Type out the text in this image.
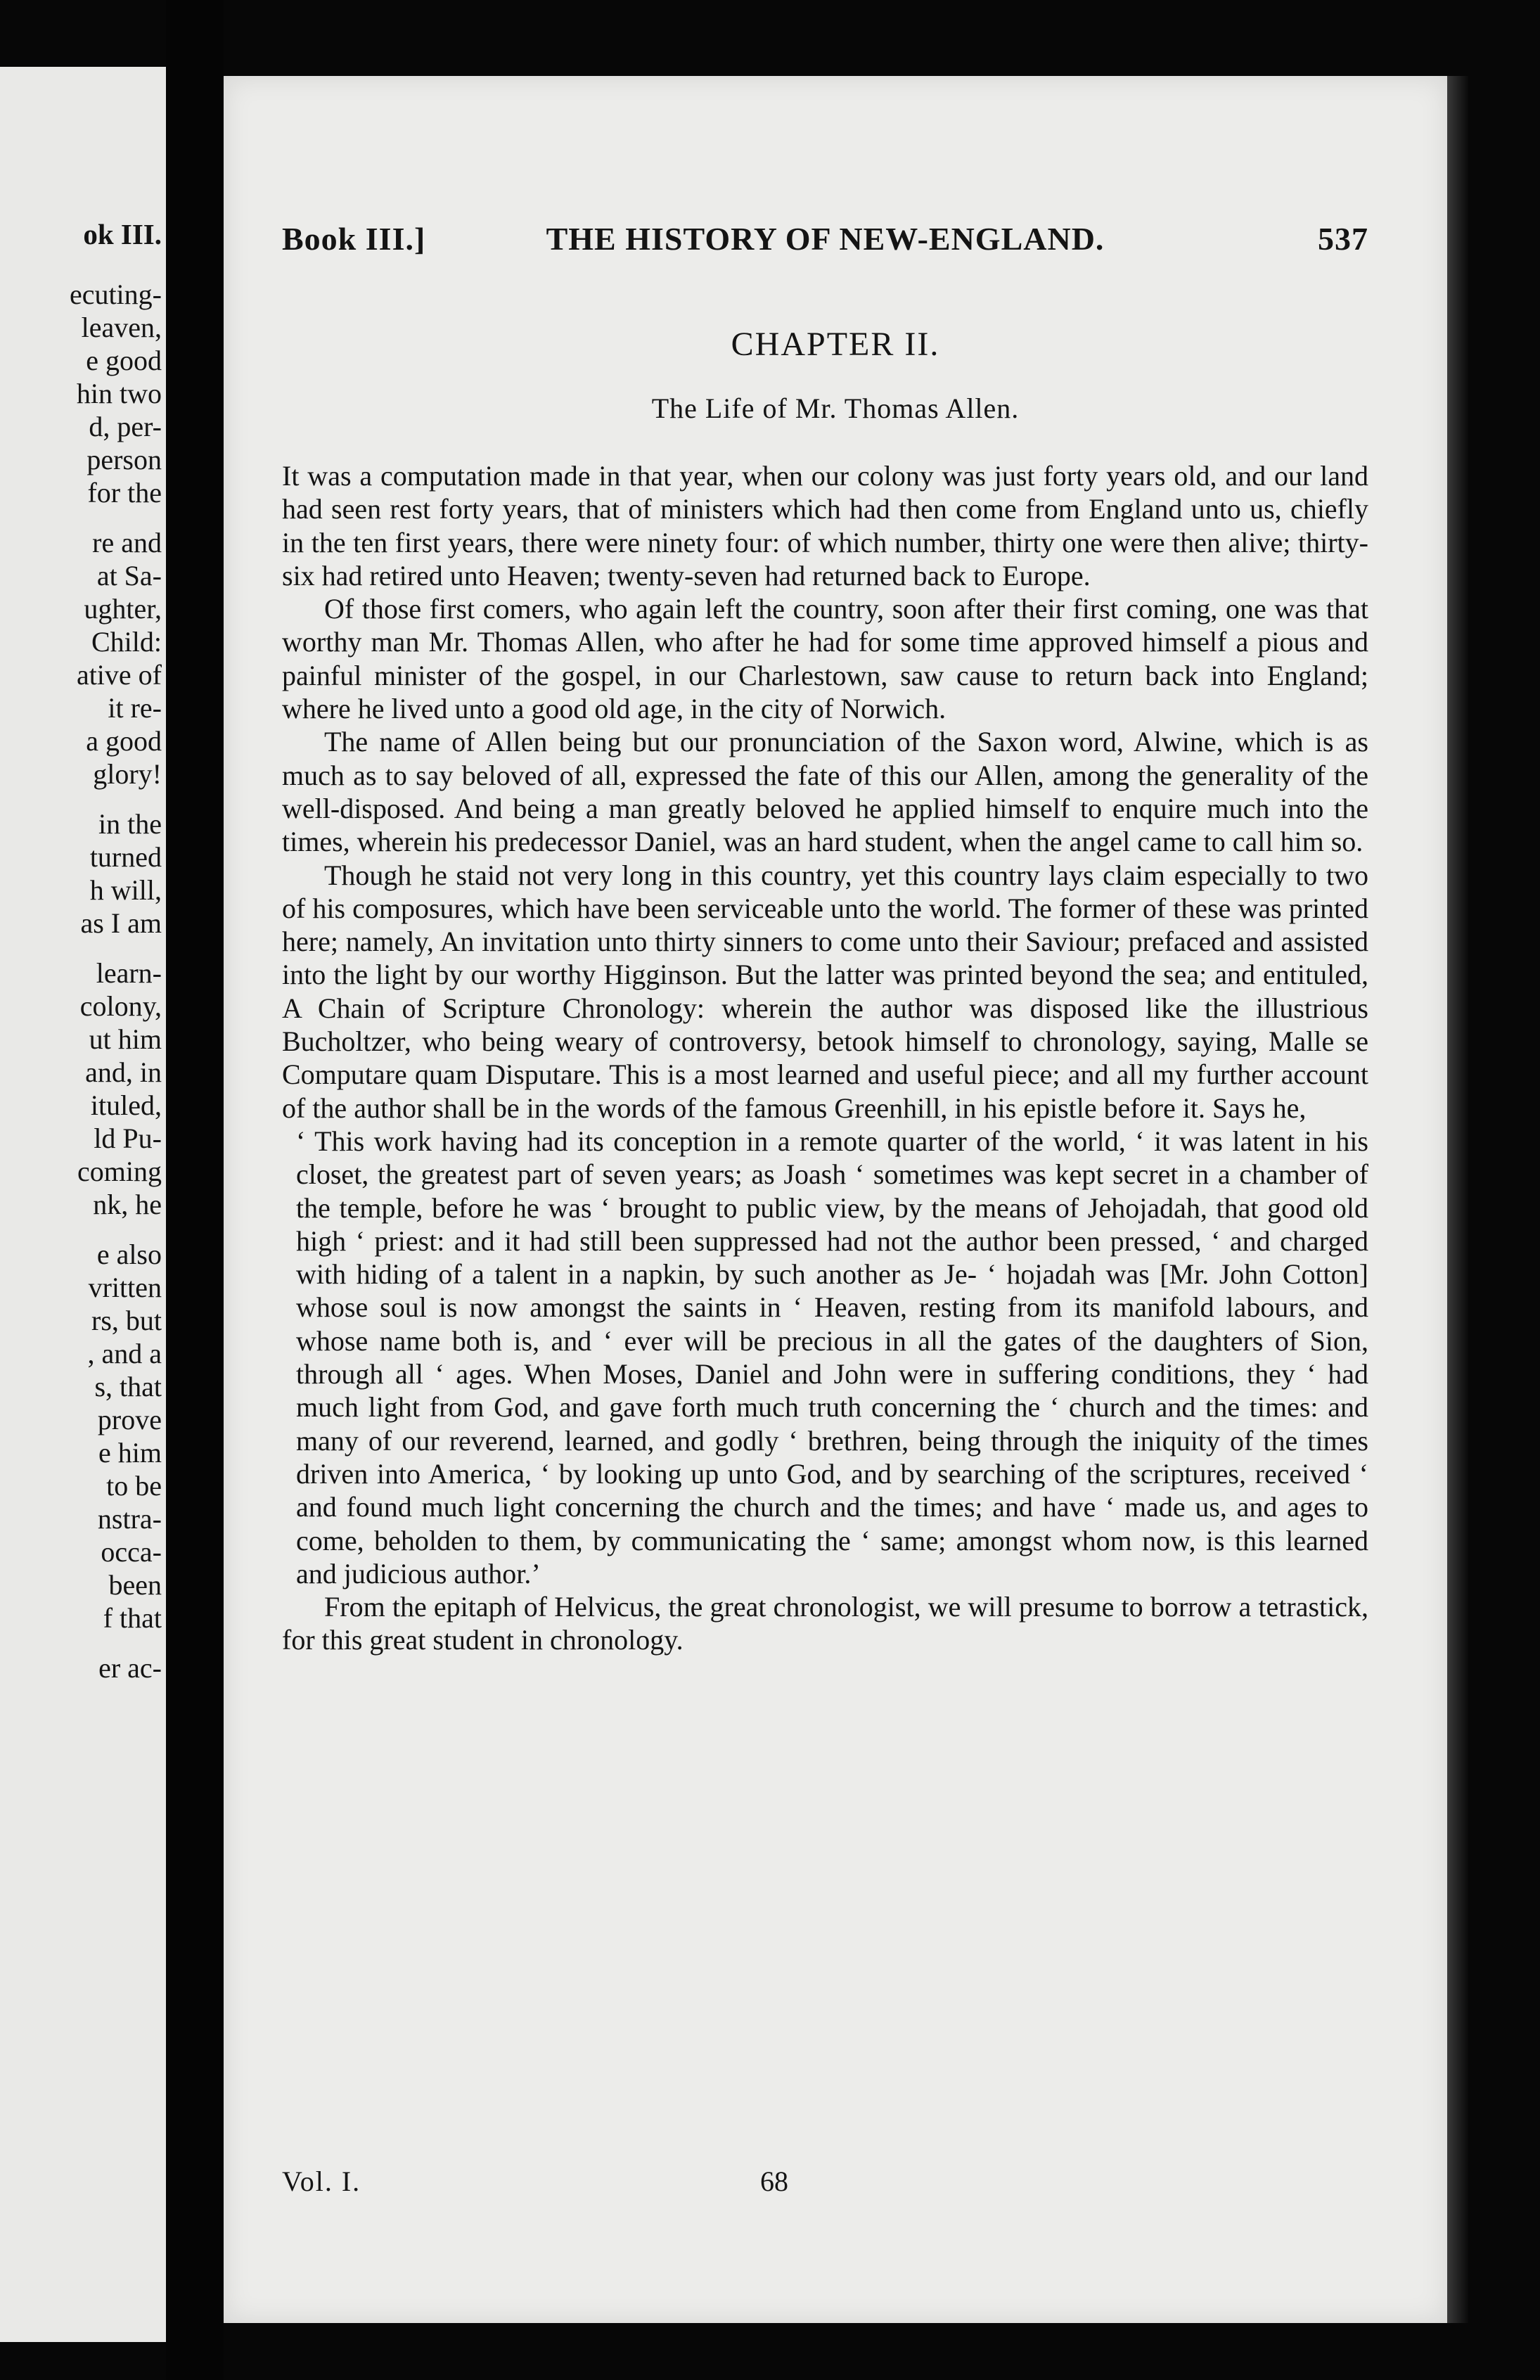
ok III.
ecuting-
leaven,
e good
hin two
d, per-
person
for the
re and
at Sa-
ughter,
Child:
ative of
it re-
a good
glory!
in the
turned
h will,
as I am
learn-
colony,
ut him
and, in
ituled,
ld Pu-
coming
nk, he
e also
vritten
rs, but
, and a
s, that
prove
e him
to be
nstra-
occa-
been
f that
er ac-
Book III.]	THE HISTORY OF NEW-ENGLAND.	537
CHAPTER II.
The Life of Mr. Thomas Allen.

It was a computation made in that year, when our colony was just forty years old, and our land had seen rest forty years, that of ministers which had then come from England unto us, chiefly in the ten first years, there were ninety four: of which number, thirty one were then alive; thirty-six had retired unto Heaven; twenty-seven had returned back to Europe.

Of those first comers, who again left the country, soon after their first coming, one was that worthy man Mr. Thomas Allen, who after he had for some time approved himself a pious and painful minister of the gospel, in our Charlestown, saw cause to return back into England; where he lived unto a good old age, in the city of Norwich.

The name of Allen being but our pronunciation of the Saxon word, Alwine, which is as much as to say beloved of all, expressed the fate of this our Allen, among the generality of the well-disposed. And being a man greatly beloved he applied himself to enquire much into the times, wherein his predecessor Daniel, was an hard student, when the angel came to call him so.

Though he staid not very long in this country, yet this country lays claim especially to two of his composures, which have been serviceable unto the world. The former of these was printed here; namely, An invitation unto thirty sinners to come unto their Saviour; prefaced and assisted into the light by our worthy Higginson. But the latter was printed beyond the sea; and entituled, A Chain of Scripture Chronology: wherein the author was disposed like the illustrious Bucholtzer, who being weary of controversy, betook himself to chronology, saying, Malle se Computare quam Disputare. This is a most learned and useful piece; and all my further account of the author shall be in the words of the famous Greenhill, in his epistle before it. Says he,

‘ This work having had its conception in a remote quarter of the world, ‘ it was latent in his closet, the greatest part of seven years; as Joash ‘ sometimes was kept secret in a chamber of the temple, before he was ‘ brought to public view, by the means of Jehojadah, that good old high ‘ priest: and it had still been suppressed had not the author been pressed, ‘ and charged with hiding of a talent in a napkin, by such another as Je- ‘ hojadah was [Mr. John Cotton] whose soul is now amongst the saints in ‘ Heaven, resting from its manifold labours, and whose name both is, and ‘ ever will be precious in all the gates of the daughters of Sion, through all ‘ ages. When Moses, Daniel and John were in suffering conditions, they ‘ had much light from God, and gave forth much truth concerning the ‘ church and the times: and many of our reverend, learned, and godly ‘ brethren, being through the iniquity of the times driven into America, ‘ by looking up unto God, and by searching of the scriptures, received ‘ and found much light concerning the church and the times; and have ‘ made us, and ages to come, beholden to them, by communicating the ‘ same; amongst whom now, is this learned and judicious author.’

From the epitaph of Helvicus, the great chronologist, we will presume to borrow a tetrastick, for this great student in chronology.

Vol. I.	68
